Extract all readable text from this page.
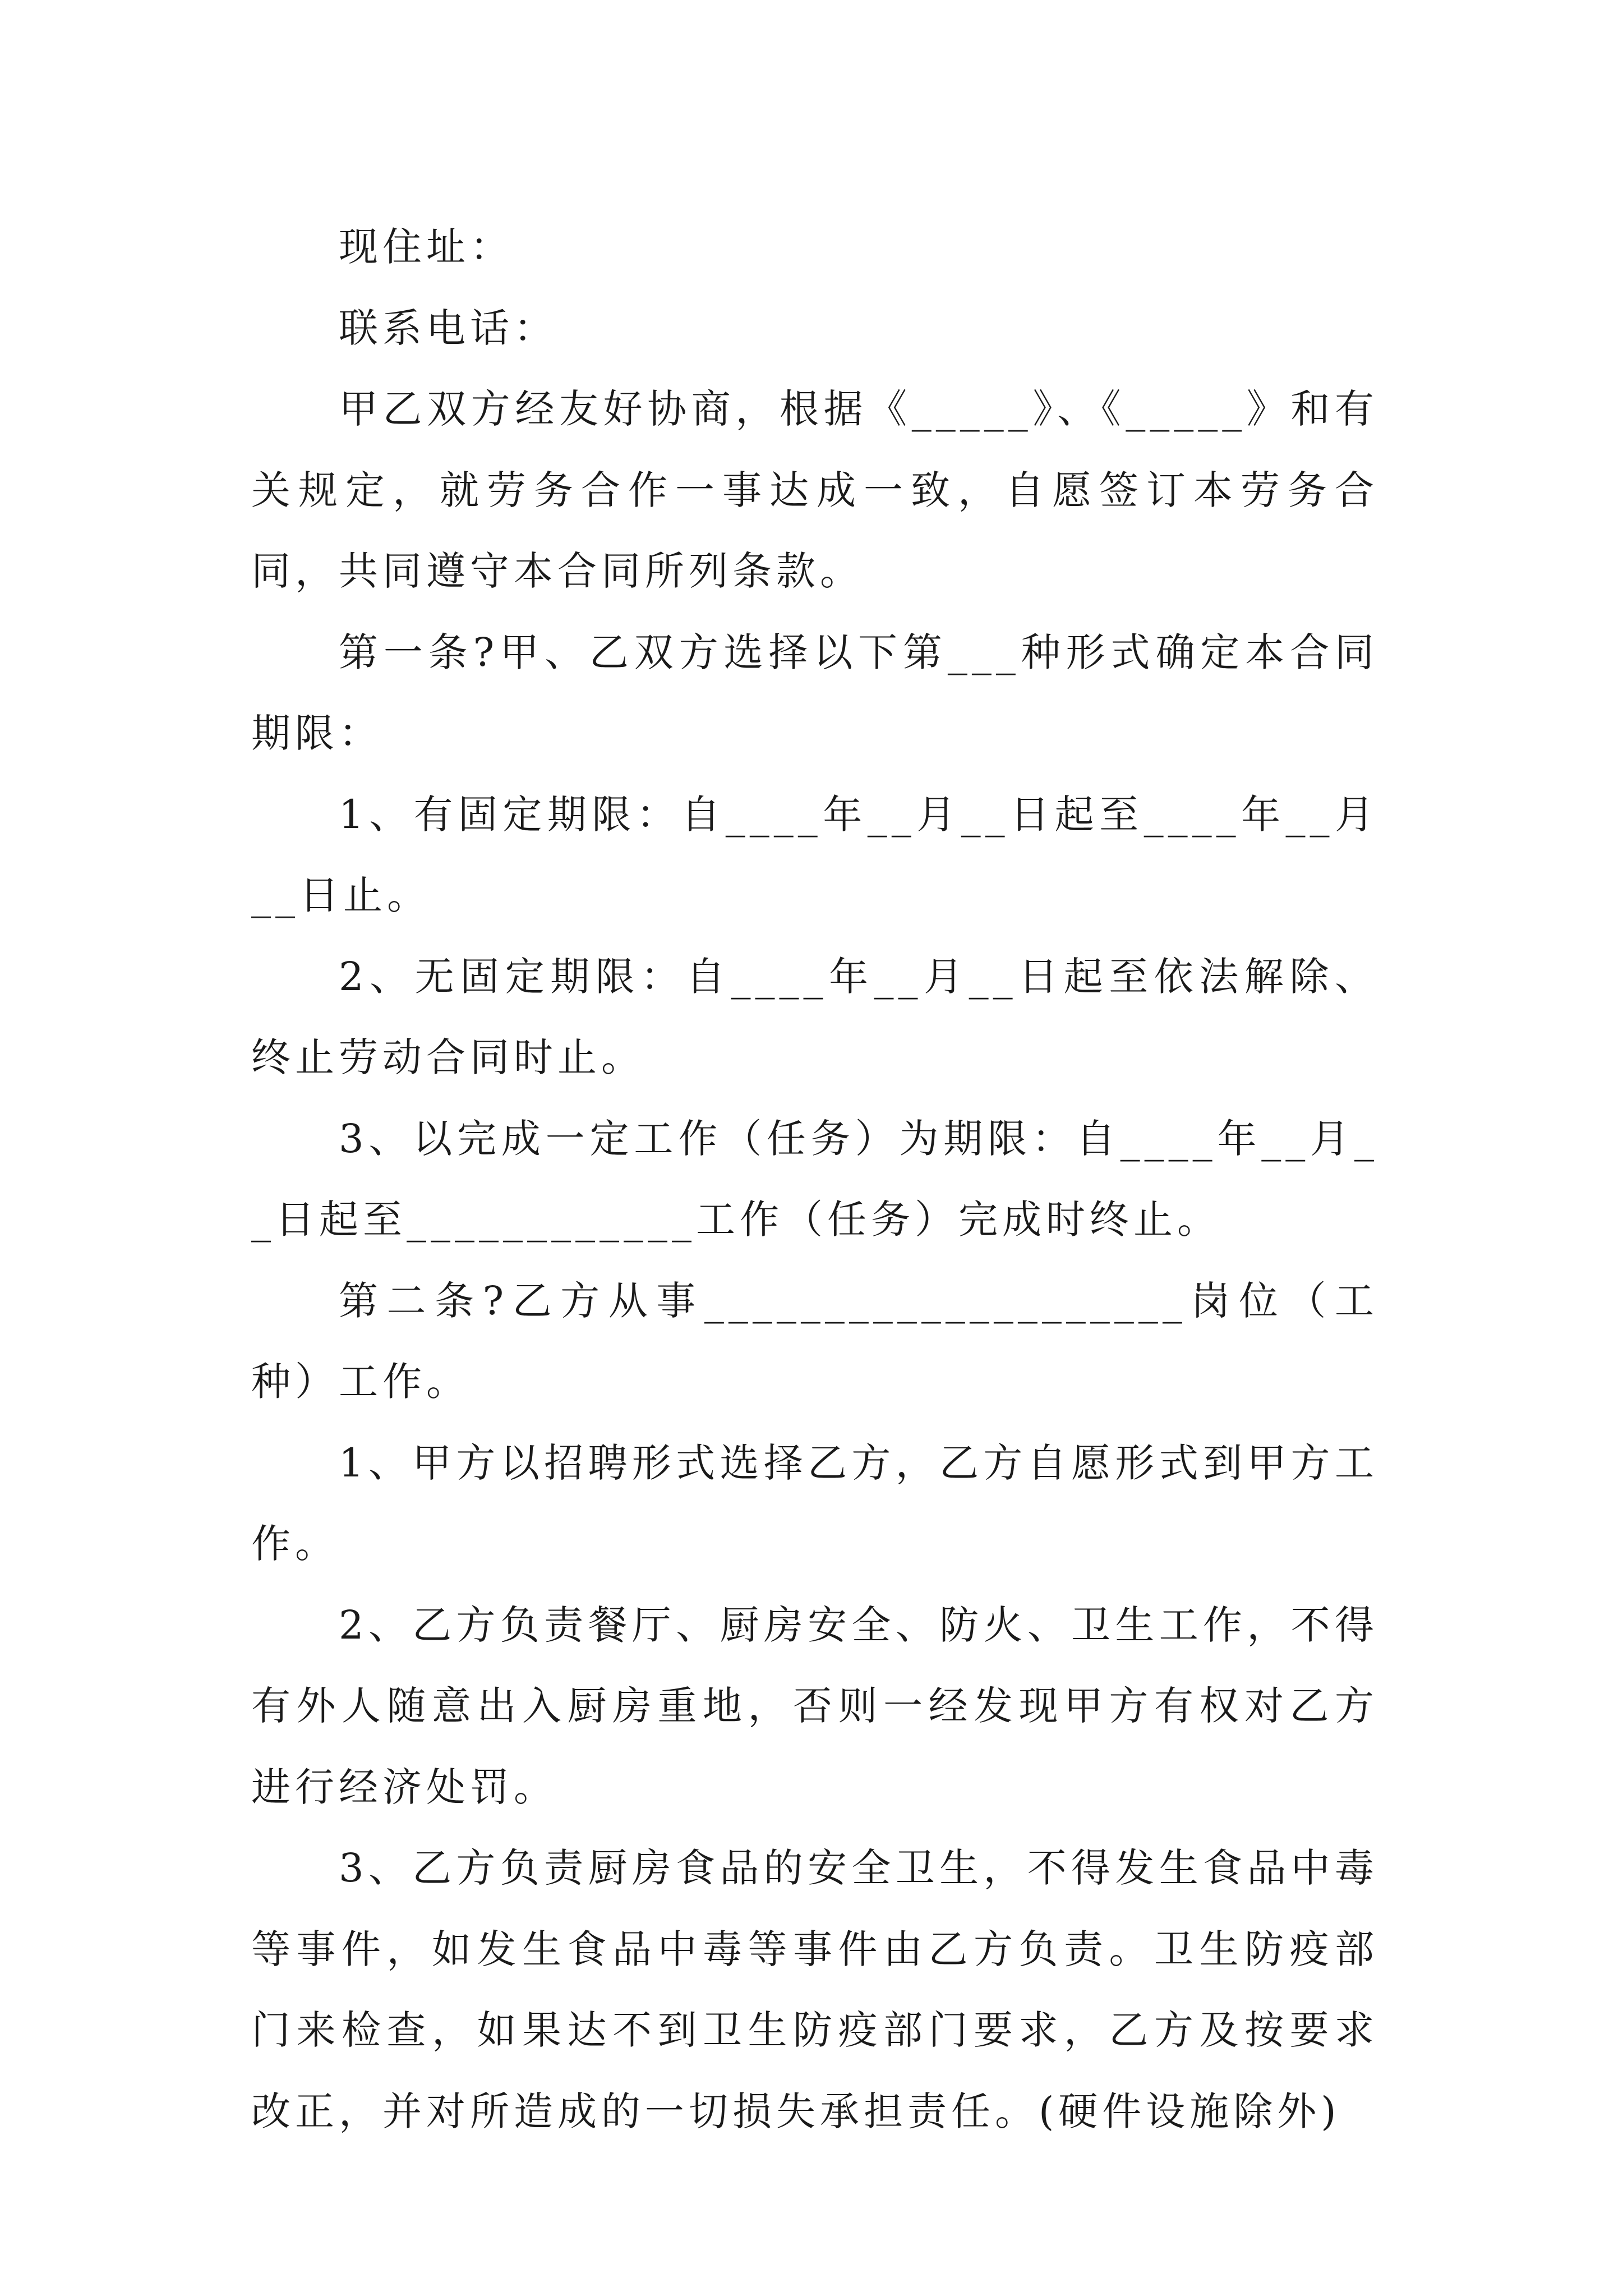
现住址：

联系电话：

甲乙双方经友好协商，根据《_____》、《_____》和有关规定，就劳务合作一事达成一致，自愿签订本劳务合同，共同遵守本合同所列条款。

第一条?甲、乙双方选择以下第___种形式确定本合同期限：

1、有固定期限：自____年__月__日起至____年__月__日止。

2、无固定期限：自____年__月__日起至依法解除、终止劳动合同时止。

3、以完成一定工作（任务）为期限：自____年__月__日起至____________工作（任务）完成时终止。

第二条?乙方从事____________________岗位（工种）工作。

1、甲方以招聘形式选择乙方，乙方自愿形式到甲方工作。

2、乙方负责餐厅、厨房安全、防火、卫生工作，不得有外人随意出入厨房重地，否则一经发现甲方有权对乙方进行经济处罚。

3、乙方负责厨房食品的安全卫生，不得发生食品中毒等事件，如发生食品中毒等事件由乙方负责。卫生防疫部门来检查，如果达不到卫生防疫部门要求，乙方及按要求改正，并对所造成的一切损失承担责任。(硬件设施除外)
